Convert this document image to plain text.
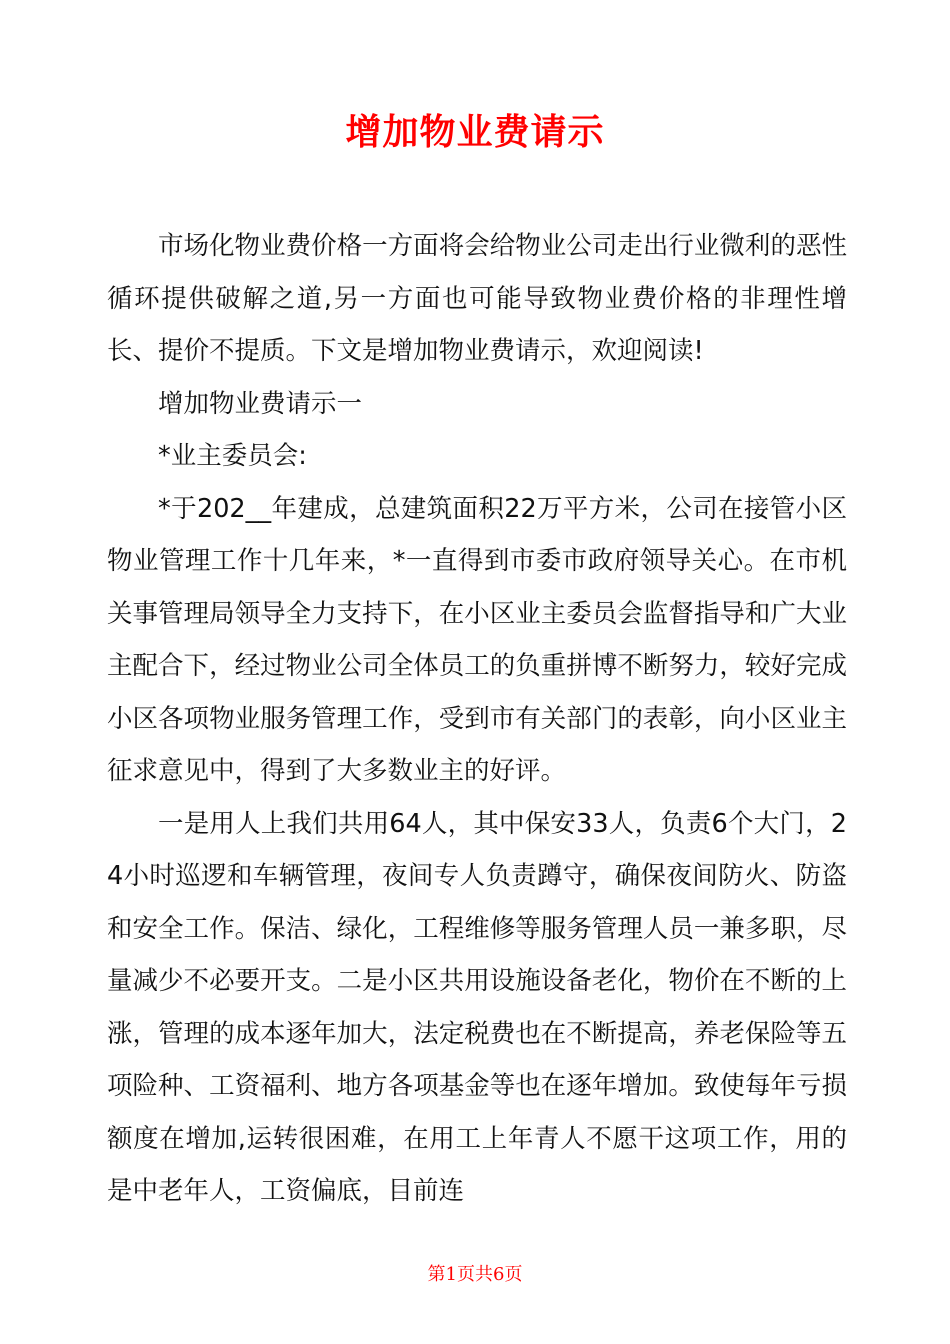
增加物业费请示

市场化物业费价格一方面将会给物业公司走出行业微利的恶性循环提供破解之道,另一方面也可能导致物业费价格的非理性增长、提价不提质。下文是增加物业费请示，欢迎阅读!

增加物业费请示一

*业主委员会:

*于202__年建成，总建筑面积22万平方米，公司在接管小区物业管理工作十几年来，*一直得到市委市政府领导关心。在市机关事管理局领导全力支持下，在小区业主委员会监督指导和广大业主配合下，经过物业公司全体员工的负重拼博不断努力，较好完成小区各项物业服务管理工作，受到市有关部门的表彰，向小区业主征求意见中，得到了大多数业主的好评。

一是用人上我们共用64人，其中保安33人，负责6个大门，24小时巡逻和车辆管理，夜间专人负责蹲守，确保夜间防火、防盗和安全工作。保洁、绿化，工程维修等服务管理人员一兼多职，尽量减少不必要开支。二是小区共用设施设备老化，物价在不断的上涨，管理的成本逐年加大，法定税费也在不断提高，养老保险等五项险种、工资福利、地方各项基金等也在逐年增加。致使每年亏损额度在增加,运转很困难，在用工上年青人不愿干这项工作，用的是中老年人，工资偏底，目前连

第1页共6页
